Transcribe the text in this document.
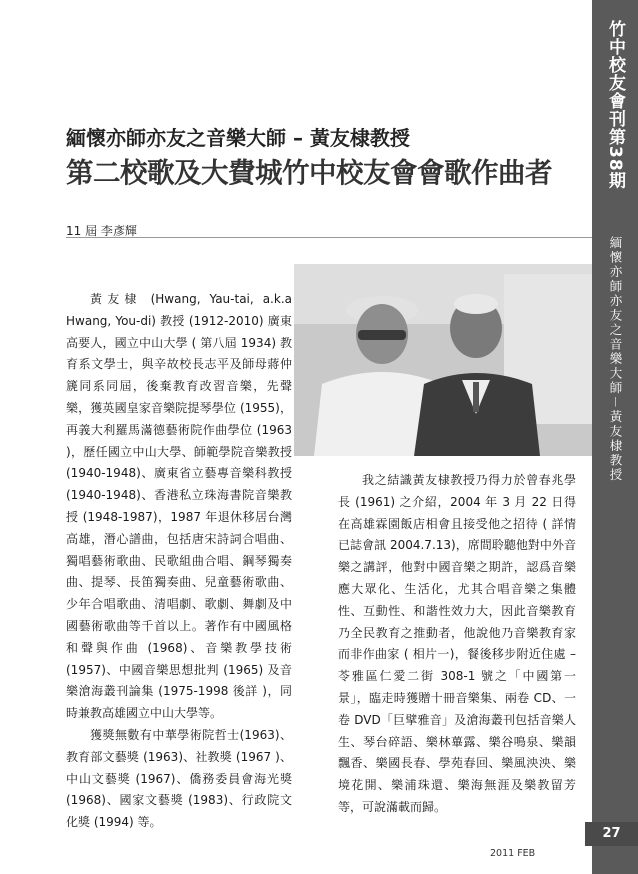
竹中校友會刊第38期
緬懷亦師亦友之音樂大師－黃友棣教授
緬懷亦師亦友之音樂大師 – 黃友棣教授
第二校歌及大費城竹中校友會會歌作曲者
11 屆 李彥輝

黃友棣 (Hwang, Yau-tai, a.k.a Hwang, You-di) 教授 (1912-2010) 廣東高要人，國立中山大學 ( 第八屆 1934) 教育系文學士，與辛故校長志平及師母蔣仲篪同系同屆，後棄教育改習音樂，先聲樂，獲英國皇家音樂院提琴學位 (1955)，再義大利羅馬滿德藝術院作曲學位 (1963 )，歷任國立中山大學、師範學院音樂教授 (1940-1948)、廣東省立藝專音樂科教授 (1940-1948)、香港私立珠海書院音樂教授 (1948-1987)，1987 年退休移居台灣高雄，潛心譜曲，包括唐宋詩詞合唱曲、獨唱藝術歌曲、民歌組曲合唱、鋼琴獨奏曲、提琴、長笛獨奏曲、兒童藝術歌曲、少年合唱歌曲、清唱劇、歌劇、舞劇及中國藝術歌曲等千首以上。著作有中國風格和聲與作曲 (1968)、音樂教學技術 (1957)、中國音樂思想批判 (1965) 及音樂滄海叢刊論集 (1975-1998 後詳 )，同時兼教高雄國立中山大學等。

獲獎無數有中華學術院哲士(1963)、教育部文藝獎 (1963)、社教獎 (1967 )、中山文藝獎 (1967)、僑務委員會海光獎 (1968)、國家文藝獎 (1983)、行政院文化獎 (1994) 等。

我之結識黃友棣教授乃得力於曾春兆學長 (1961) 之介紹，2004 年 3 月 22 日得在高雄霖園飯店相會且接受他之招待 ( 詳情已誌會訊 2004.7.13)，席間聆聽他對中外音樂之講評，他對中國音樂之期許，認爲音樂應大眾化、生活化，尤其合唱音樂之集體性、互動性、和諧性效力大，因此音樂教育乃全民教育之推動者，他說他乃音樂教育家而非作曲家 ( 相片一)，餐後移步附近住處 – 苓雅區仁愛二街 308-1 號之「中國第一景」，臨走時獲贈十冊音樂集、兩卷 CD、一卷 DVD「巨擘雅音」及滄海叢刊包括音樂人生、琴台碎語、樂林蓽露、樂谷鳴泉、樂韻飄香、樂國長春、學苑春回、樂風泱泱、樂境花開、樂浦珠還、樂海無涯及樂教留芳等，可說滿載而歸。

27
2011 FEB
